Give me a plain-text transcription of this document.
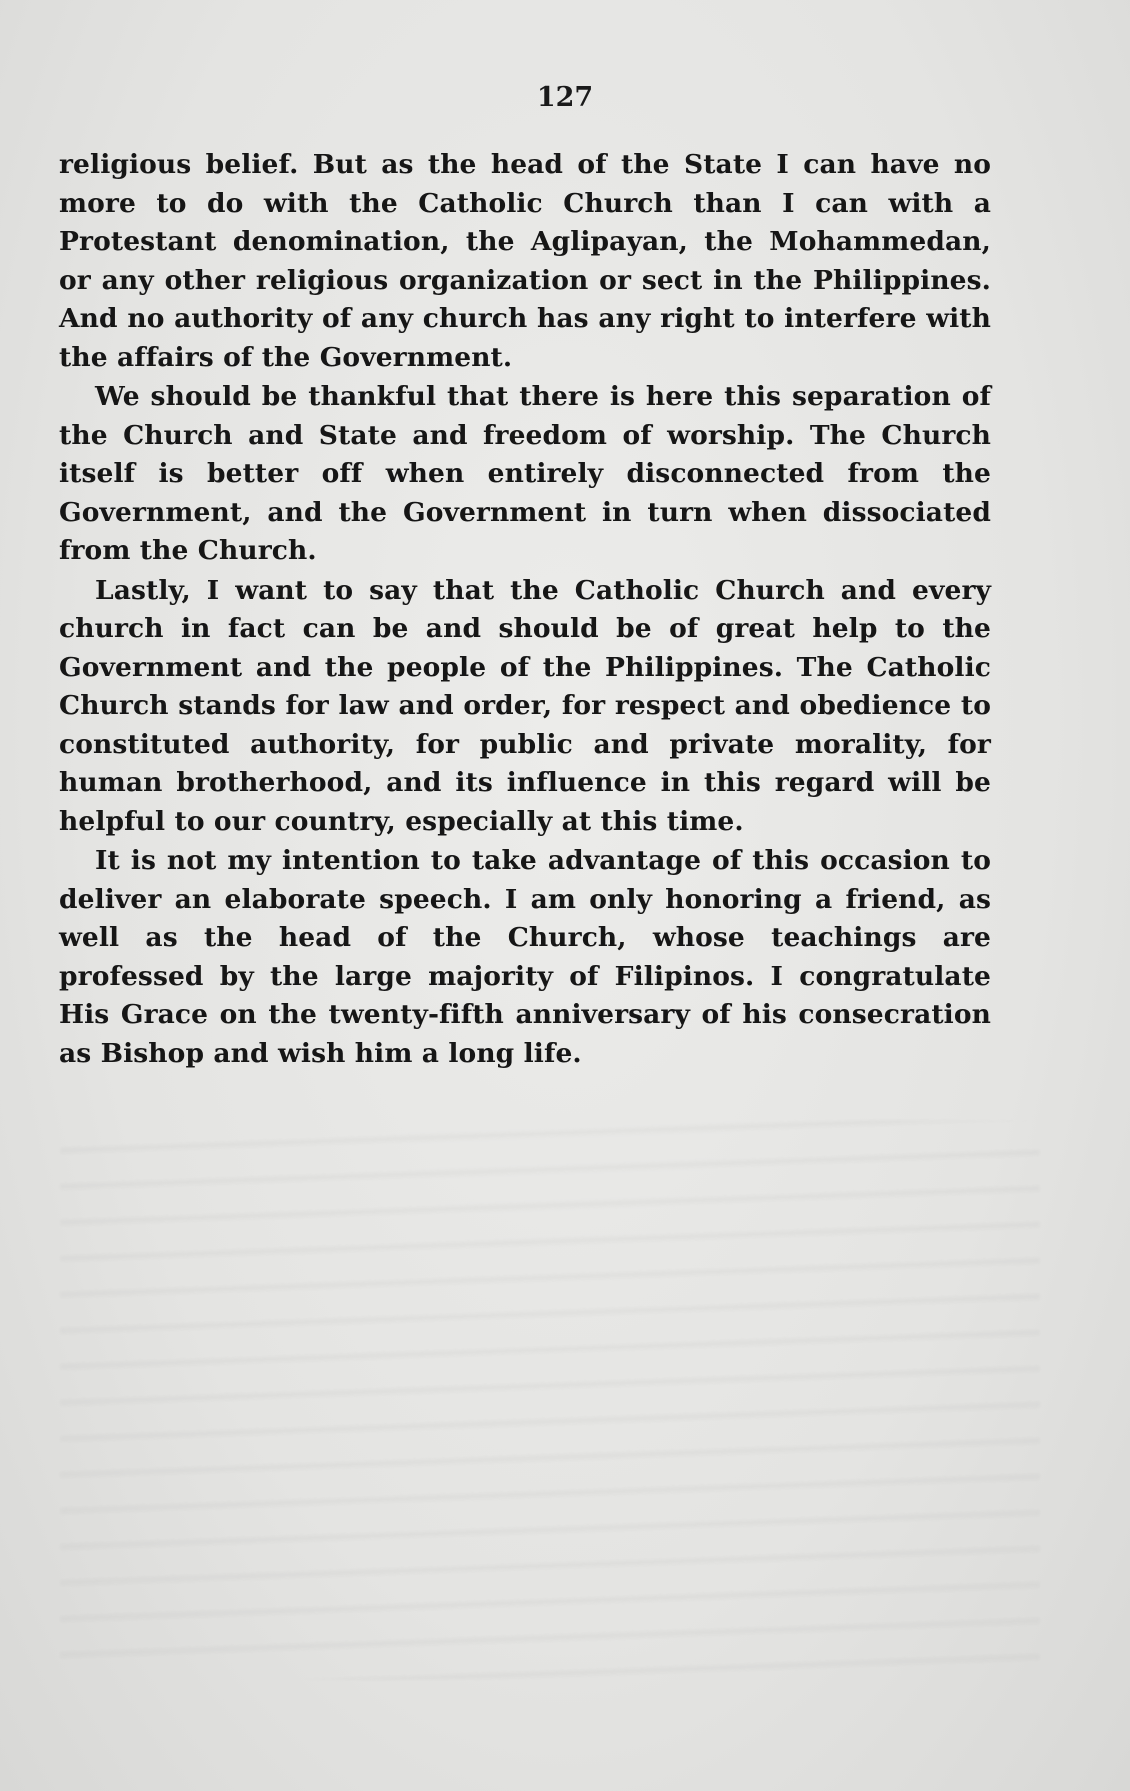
127

religious belief. But as the head of the State I can have no more to do with the Catholic Church than I can with a Protestant denomination, the Aglipayan, the Mohammedan, or any other religious organization or sect in the Philippines. And no authority of any church has any right to interfere with the affairs of the Government.

We should be thankful that there is here this separation of the Church and State and freedom of worship. The Church itself is better off when entirely disconnected from the Government, and the Government in turn when dissociated from the Church.

Lastly, I want to say that the Catholic Church and every church in fact can be and should be of great help to the Government and the people of the Philippines. The Catholic Church stands for law and order, for respect and obedience to constituted authority, for public and private morality, for human brotherhood, and its influence in this regard will be helpful to our country, especially at this time.

It is not my intention to take advantage of this occasion to deliver an elaborate speech. I am only honoring a friend, as well as the head of the Church, whose teachings are professed by the large majority of Filipinos. I congratulate His Grace on the twenty-fifth anniversary of his consecration as Bishop and wish him a long life.
